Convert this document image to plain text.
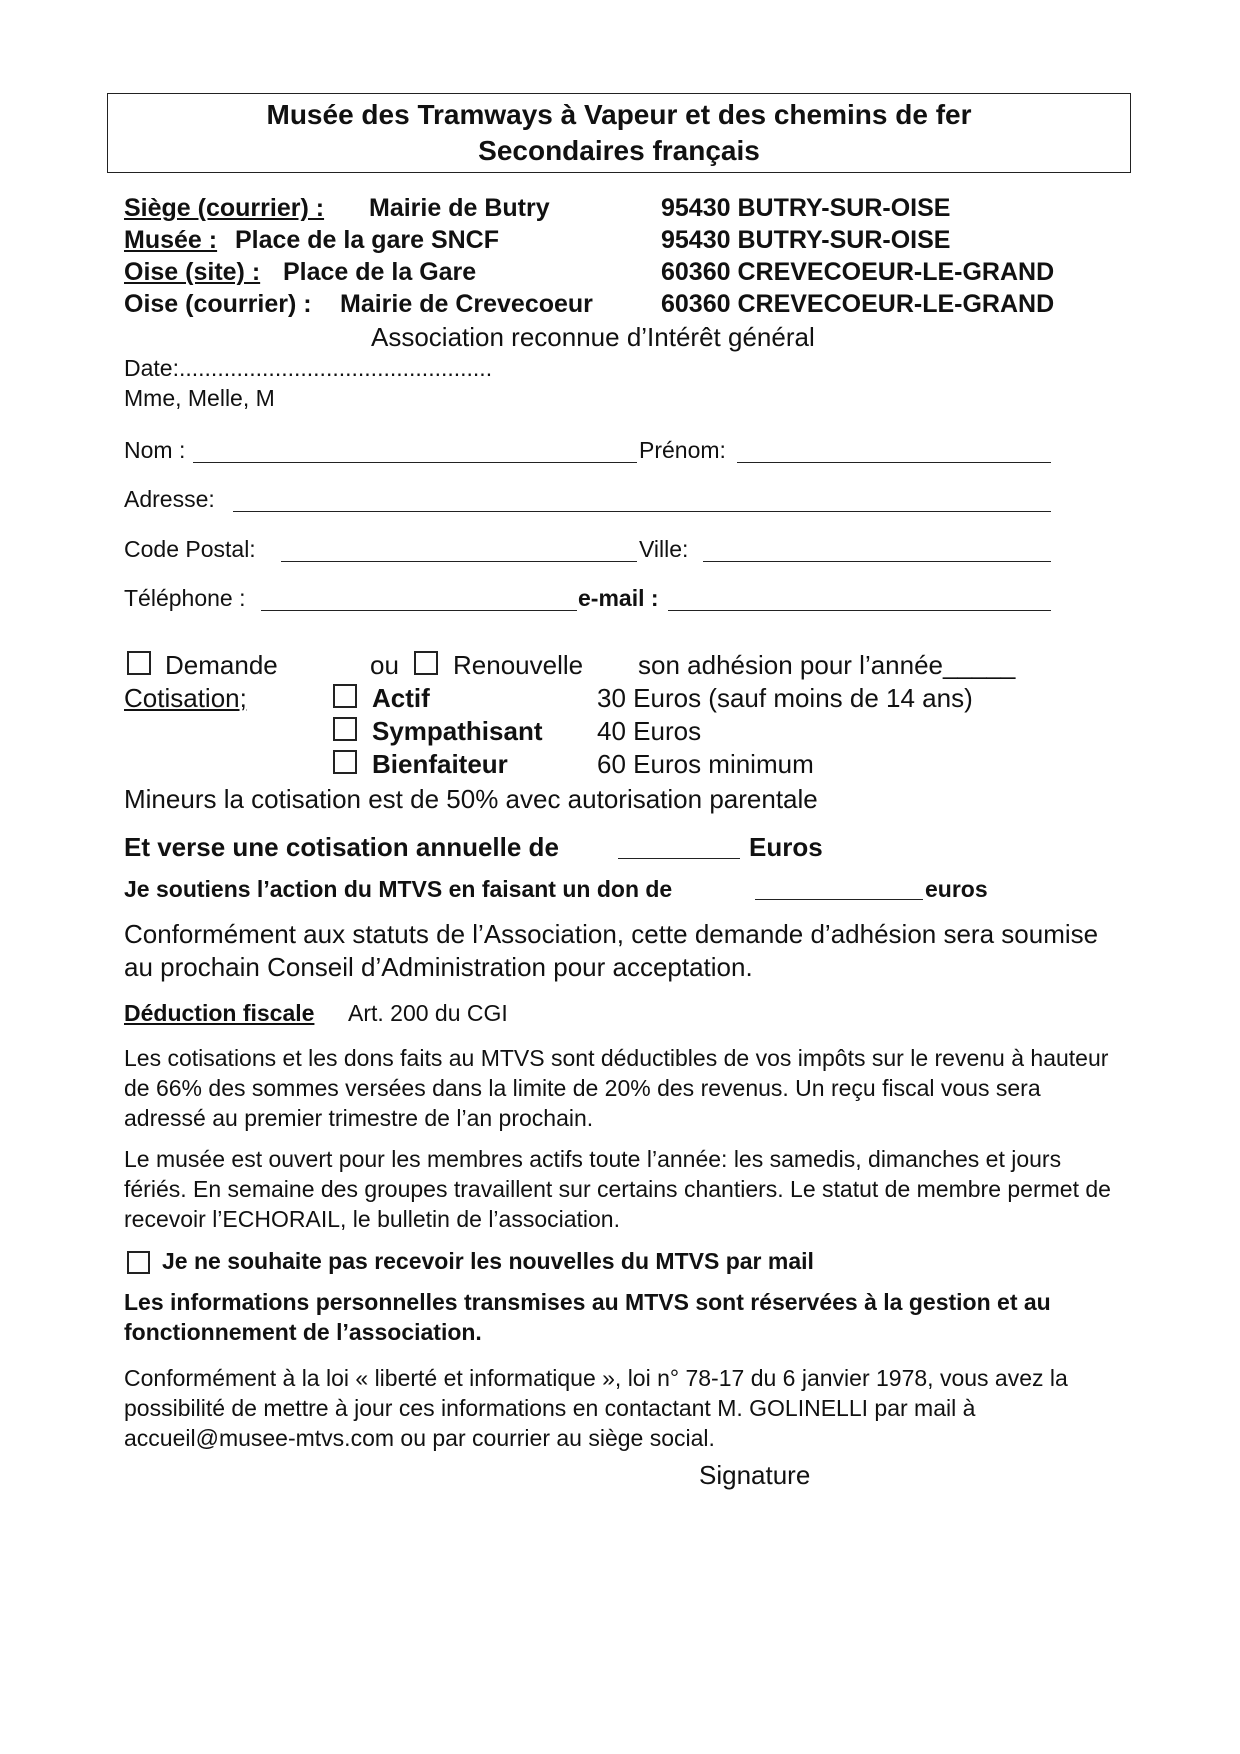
Musée des Tramways à Vapeur et des chemins de fer
Secondaires français
Siège (courrier) : Mairie de Butry	95430 BUTRY-SUR-OISE
Musée : Place de la gare SNCF	95430 BUTRY-SUR-OISE
Oise (site) : Place de la Gare	60360 CREVECOEUR-LE-GRAND
Oise (courrier) : Mairie de Crevecoeur	60360 CREVECOEUR-LE-GRAND
Association reconnue d’Intérêt général
Date:.................................................
Mme, Melle, M
Nom :	Prénom:
Adresse:
Code Postal:	Ville:
Téléphone :	e-mail :
Demande	ou Renouvelle son adhésion pour l’année_____
Cotisation;	Actif	30 Euros (sauf moins de 14 ans)
Sympathisant 40 Euros
Bienfaiteur	60 Euros minimum
Mineurs la cotisation est de 50% avec autorisation parentale
Et verse une cotisation annuelle de	Euros
Je soutiens l’action du MTVS en faisant un don de	euros
Conformément aux statuts de l’Association, cette demande d’adhésion sera soumise au prochain Conseil d’Administration pour acceptation.
Déduction fiscale Art. 200 du CGI
Les cotisations et les dons faits au MTVS sont déductibles de vos impôts sur le revenu à hauteur de 66% des sommes versées dans la limite de 20% des revenus. Un reçu fiscal vous sera adressé au premier trimestre de l’an prochain.
Le musée est ouvert pour les membres actifs toute l’année: les samedis, dimanches et jours fériés. En semaine des groupes travaillent sur certains chantiers. Le statut de membre permet de recevoir l’ECHORAIL, le bulletin de l’association.
Je ne souhaite pas recevoir les nouvelles du MTVS par mail
Les informations personnelles transmises au MTVS sont réservées à la gestion et au fonctionnement de l’association.
Conformément à la loi « liberté et informatique », loi n° 78-17 du 6 janvier 1978, vous avez la possibilité de mettre à jour ces informations en contactant M. GOLINELLI par mail à accueil@musee-mtvs.com ou par courrier au siège social.
Signature
